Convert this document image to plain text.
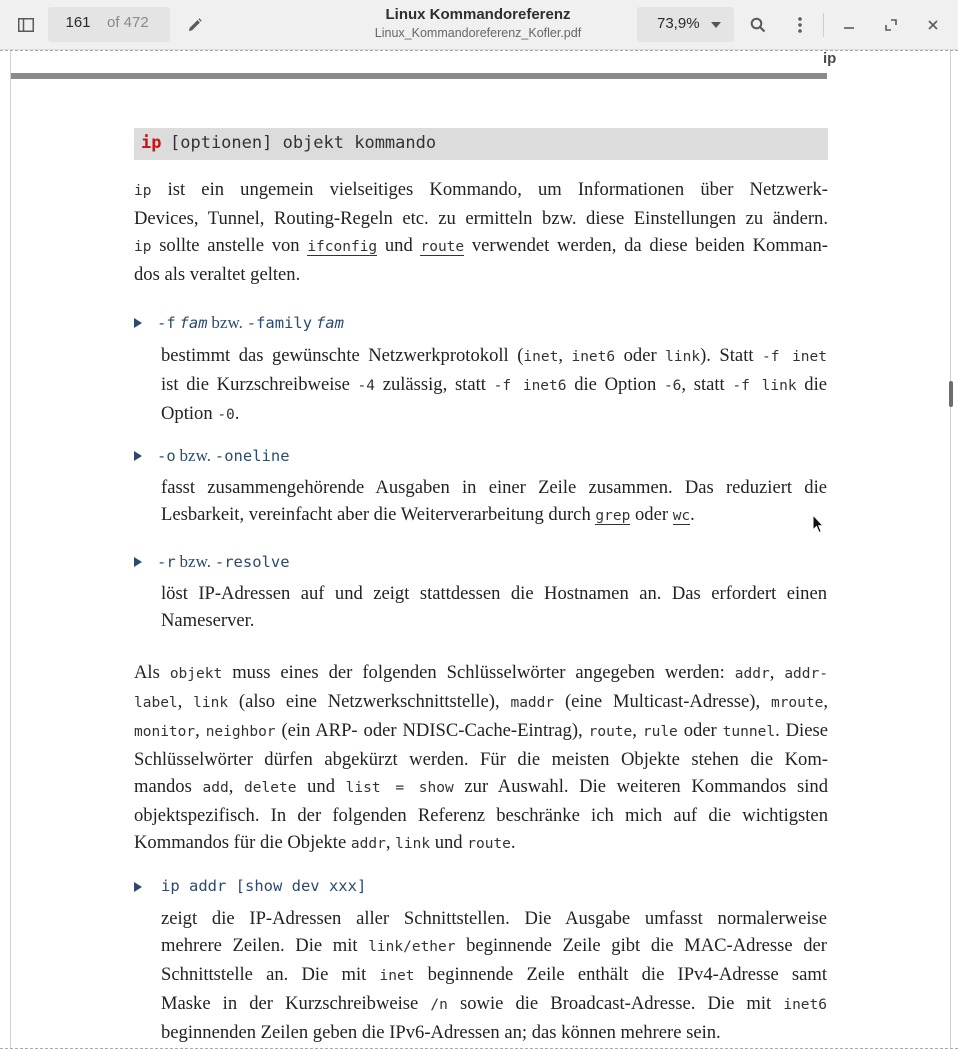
161	of 472	Linux Kommandoreferenz
Linux_Kommandoreferenz_Kofler.pdf
73,9%
ip
ip [optionen] objekt kommando
ip ist ein ungemein vielseitiges Kommando, um Informationen über Netzwerk-
Devices, Tunnel, Routing-Regeln etc. zu ermitteln bzw. diese Einstellungen zu ändern.
ip sollte anstelle von ifconfig und route verwendet werden, da diese beiden Komman-
dos als veraltet gelten.
-f fam bzw. -family fam
bestimmt das gewünschte Netzwerkprotokoll (inet, inet6 oder link). Statt -f inet
ist die Kurzschreibweise -4 zulässig, statt -f inet6 die Option -6, statt -f link die
Option -0.
-o bzw. -oneline
fasst zusammengehörende Ausgaben in einer Zeile zusammen. Das reduziert die
Lesbarkeit, vereinfacht aber die Weiterverarbeitung durch grep oder wc.
-r bzw. -resolve
löst IP-Adressen auf und zeigt stattdessen die Hostnamen an. Das erfordert einen
Nameserver.
Als objekt muss eines der folgenden Schlüsselwörter angegeben werden: addr, addr-
label, link (also eine Netzwerkschnittstelle), maddr (eine Multicast-Adresse), mroute,
monitor, neighbor (ein ARP- oder NDISC-Cache-Eintrag), route, rule oder tunnel. Diese
Schlüsselwörter dürfen abgekürzt werden. Für die meisten Objekte stehen die Kom-
mandos add, delete und list = show zur Auswahl. Die weiteren Kommandos sind
objektspezifisch. In der folgenden Referenz beschränke ich mich auf die wichtigsten
Kommandos für die Objekte addr, link und route.
ip addr [show dev xxx]
zeigt die IP-Adressen aller Schnittstellen. Die Ausgabe umfasst normalerweise
mehrere Zeilen. Die mit link/ether beginnende Zeile gibt die MAC-Adresse der
Schnittstelle an. Die mit inet beginnende Zeile enthält die IPv4-Adresse samt
Maske in der Kurzschreibweise /n sowie die Broadcast-Adresse. Die mit inet6
beginnenden Zeilen geben die IPv6-Adressen an; das können mehrere sein.
